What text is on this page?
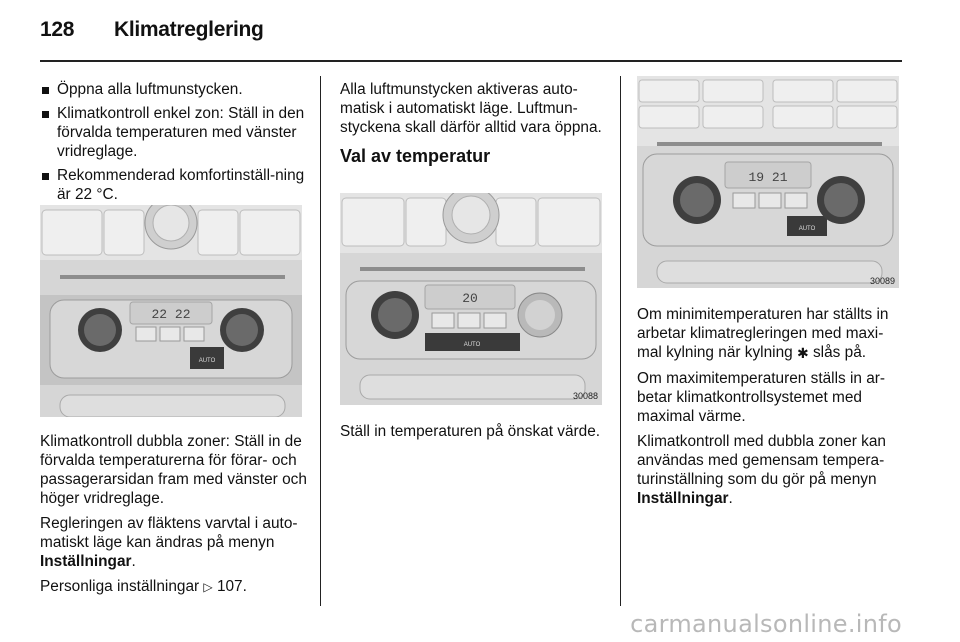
128 Klimatreglering
Öppna alla luftmunstycken.
Klimatkontroll enkel zon: Ställ in den förvalda temperaturen med vänster vridreglage.
Rekommenderad komfortinställ-ning är 22 °C.
22 22
AUTO

Klimatkontroll dubbla zoner: Ställ in de förvalda temperaturerna för förar- och passagerarsidan fram med vänster och höger vridreglage.

Regleringen av fläktens varvtal i auto-matiskt läge kan ändras på menyn Inställningar.

Personliga inställningar ▷ 107.

Alla luftmunstycken aktiveras auto-matisk i automatiskt läge. Luftmun-styckena skall därför alltid vara öppna.

Val av temperatur
20
AUTO
30088

Ställ in temperaturen på önskat värde.

19 21
AUTO
30089

Om minimitemperaturen har ställts in arbetar klimatregleringen med maxi-mal kylning när kylning ✱ slås på.

Om maximitemperaturen ställs in ar-betar klimatkontrollsystemet med maximal värme.

Klimatkontroll med dubbla zoner kan användas med gemensam tempera-turinställning som du gör på menyn Inställningar.

carmanualsonline.info
